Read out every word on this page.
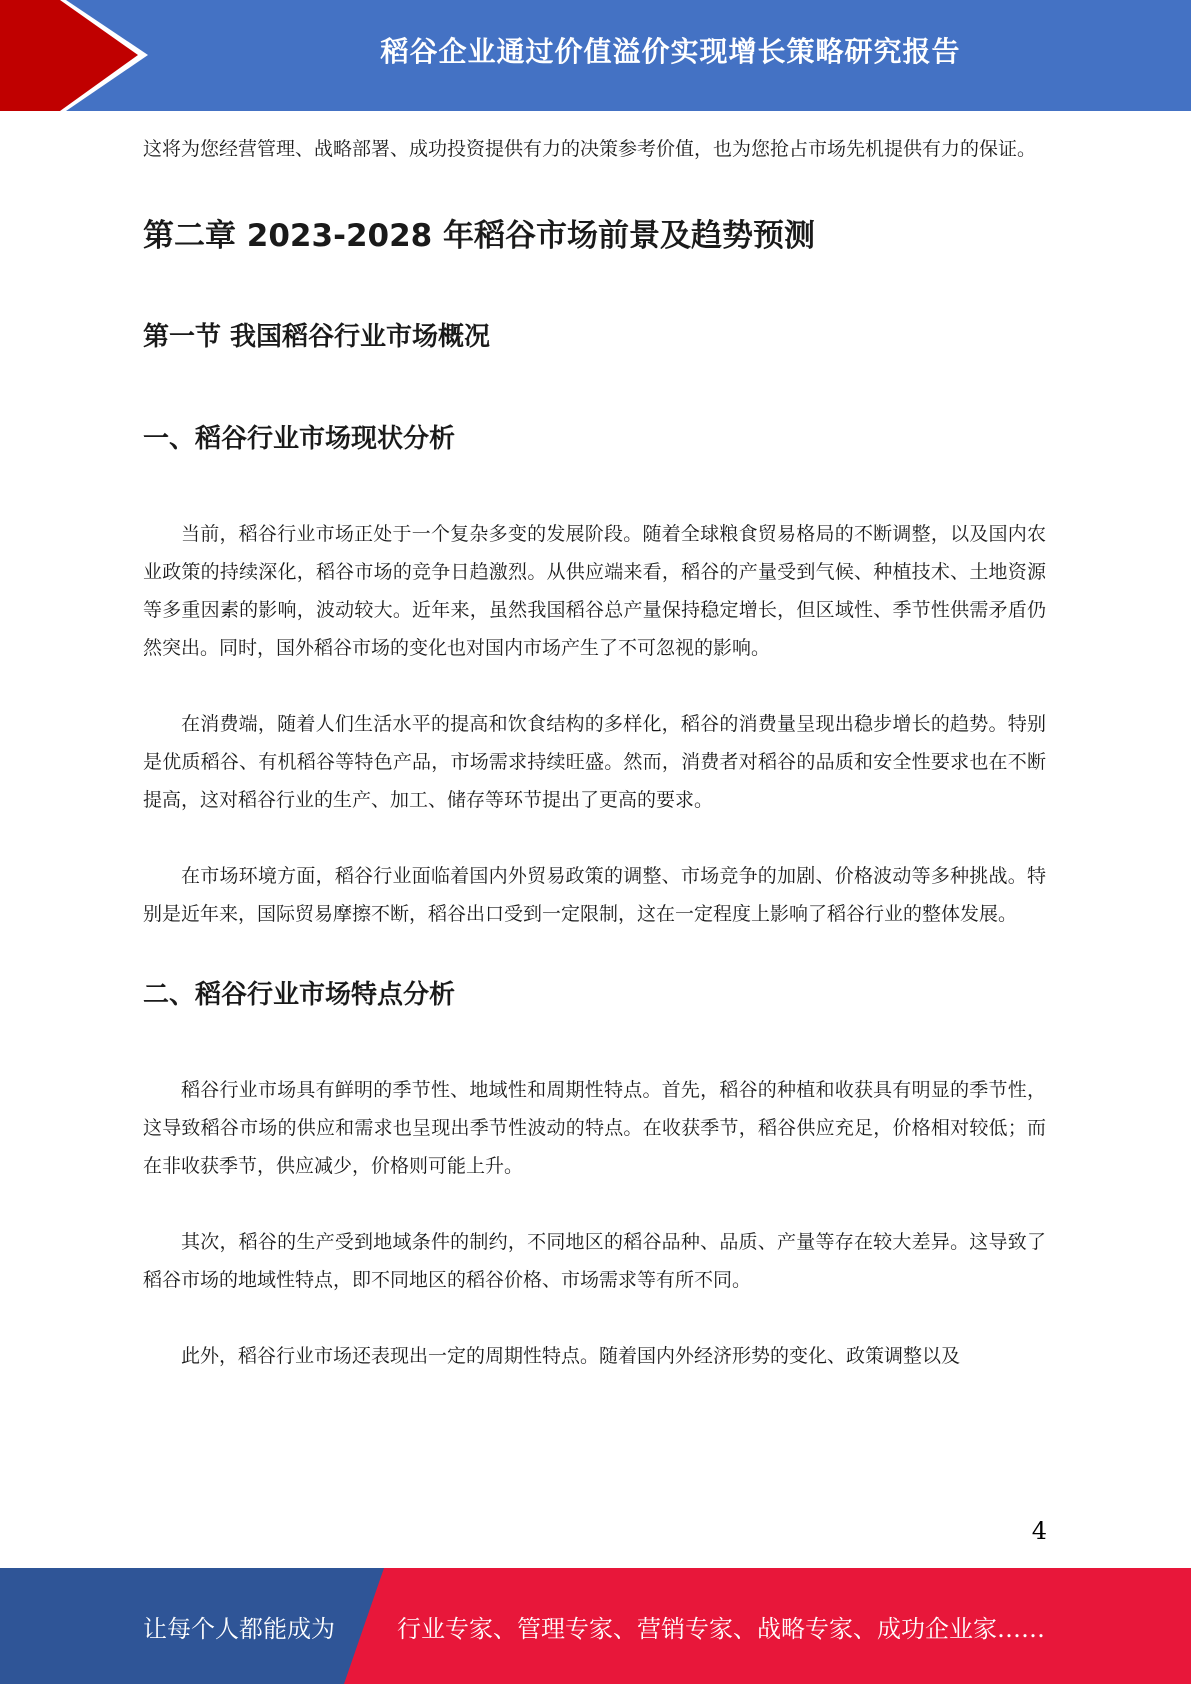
稻谷企业通过价值溢价实现增长策略研究报告

这将为您经营管理、战略部署、成功投资提供有力的决策参考价值，也为您抢占市场先机提供有力的保证。

第二章 2023-2028 年稻谷市场前景及趋势预测
第一节 我国稻谷行业市场概况
一、稻谷行业市场现状分析

当前，稻谷行业市场正处于一个复杂多变的发展阶段。随着全球粮食贸易格局的不断调整，以及国内农业政策的持续深化，稻谷市场的竞争日趋激烈。从供应端来看，稻谷的产量受到气候、种植技术、土地资源等多重因素的影响，波动较大。近年来，虽然我国稻谷总产量保持稳定增长，但区域性、季节性供需矛盾仍然突出。同时，国外稻谷市场的变化也对国内市场产生了不可忽视的影响。

在消费端，随着人们生活水平的提高和饮食结构的多样化，稻谷的消费量呈现出稳步增长的趋势。特别是优质稻谷、有机稻谷等特色产品，市场需求持续旺盛。然而，消费者对稻谷的品质和安全性要求也在不断提高，这对稻谷行业的生产、加工、储存等环节提出了更高的要求。

在市场环境方面，稻谷行业面临着国内外贸易政策的调整、市场竞争的加剧、价格波动等多种挑战。特别是近年来，国际贸易摩擦不断，稻谷出口受到一定限制，这在一定程度上影响了稻谷行业的整体发展。

二、稻谷行业市场特点分析

稻谷行业市场具有鲜明的季节性、地域性和周期性特点。首先，稻谷的种植和收获具有明显的季节性，这导致稻谷市场的供应和需求也呈现出季节性波动的特点。在收获季节，稻谷供应充足，价格相对较低；而在非收获季节，供应减少，价格则可能上升。

其次，稻谷的生产受到地域条件的制约，不同地区的稻谷品种、品质、产量等存在较大差异。这导致了稻谷市场的地域性特点，即不同地区的稻谷价格、市场需求等有所不同。

此外，稻谷行业市场还表现出一定的周期性特点。随着国内外经济形势的变化、政策调整以及

4
让每个人都能成为	行业专家、管理专家、营销专家、战略专家、成功企业家……
